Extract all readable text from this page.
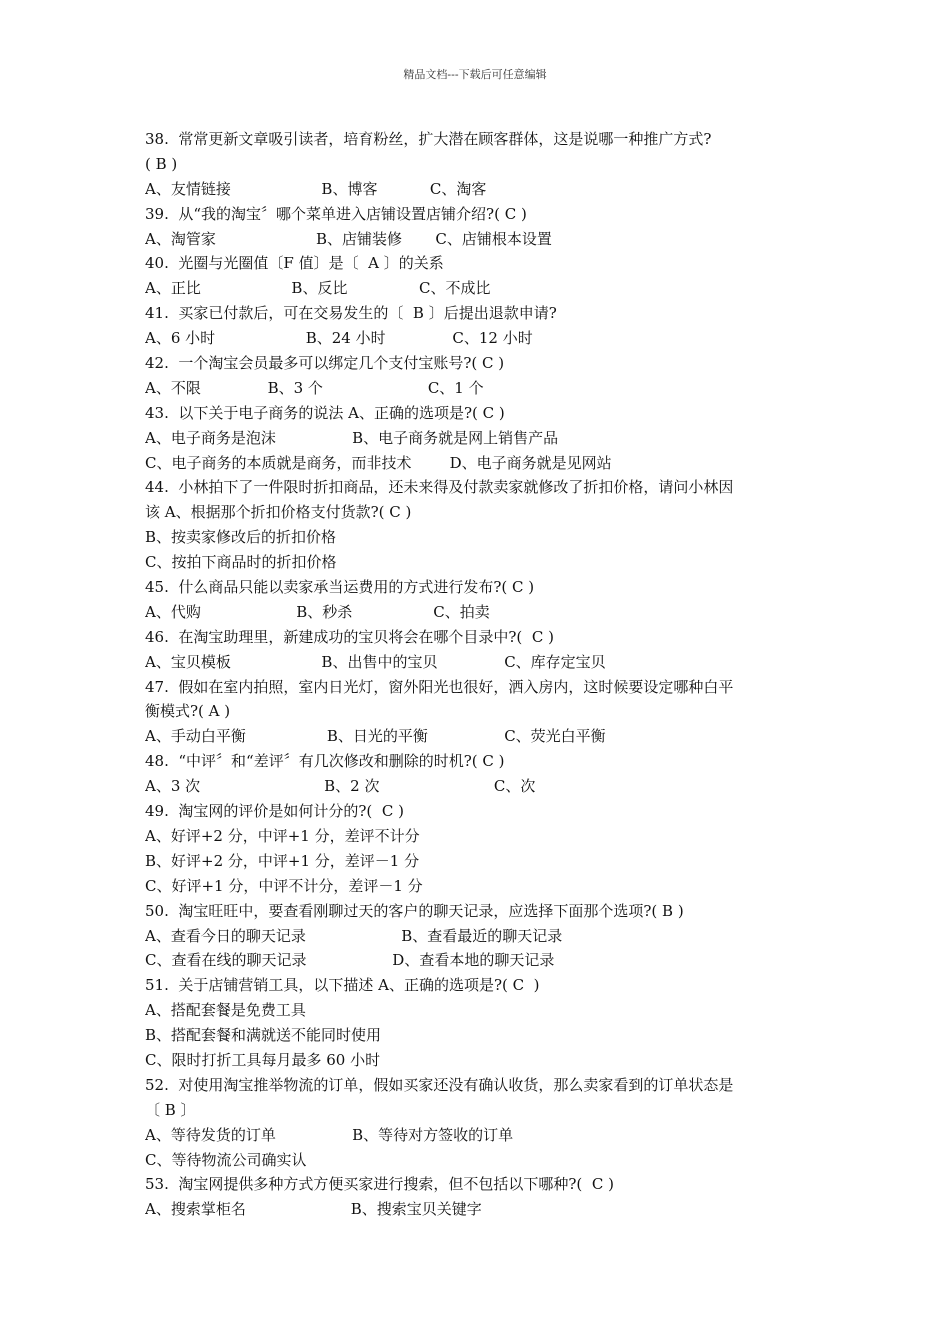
精品文档---下载后可任意编辑
38.  常常更新文章吸引读者，培育粉丝，扩大潜在顾客群体，这是说哪一种推广方式?
( B )
A、友情链接                   B、博客           C、淘客
39.  从“我的淘宝〞哪个菜单进入店铺设置店铺介绍?( C )
A、淘管家                     B、店铺装修       C、店铺根本设置
40.  光圈与光圈值〔F 值〕是〔  A 〕的关系
A、正比                   B、反比               C、不成比
41.  买家已付款后，可在交易发生的〔  B 〕后提出退款申请?
A、6 小时                   B、24 小时              C、12 小时
42.  一个淘宝会员最多可以绑定几个支付宝账号?( C )
A、不限              B、3 个                      C、1 个
43.  以下关于电子商务的说法 A、正确的选项是?( C )
A、电子商务是泡沫                B、电子商务就是网上销售产品
C、电子商务的本质就是商务，而非技术        D、电子商务就是见网站
44.  小林拍下了一件限时折扣商品，还未来得及付款卖家就修改了折扣价格，请问小林因
该 A、根据那个折扣价格支付货款?( C )
B、按卖家修改后的折扣价格
C、按拍下商品时的折扣价格
45.  什么商品只能以卖家承当运费用的方式进行发布?( C )
A、代购                    B、秒杀                 C、拍卖
46.  在淘宝助理里，新建成功的宝贝将会在哪个目录中?(  C )
A、宝贝模板                   B、出售中的宝贝              C、库存定宝贝
47.  假如在室内拍照，室内日光灯，窗外阳光也很好，洒入房内，这时候要设定哪种白平
衡模式?( A )
A、手动白平衡                 B、日光的平衡                C、荧光白平衡
48.  “中评〞和“差评〞有几次修改和删除的时机?( C )
A、3 次                          B、2 次                        C、次
49.  淘宝网的评价是如何计分的?(  C )
A、好评+2 分，中评+1 分，差评不计分
B、好评+2 分，中评+1 分，差评－1 分
C、好评+1 分，中评不计分，差评－1 分
50.  淘宝旺旺中，要查看刚聊过天的客户的聊天记录，应选择下面那个选项?( B )
A、查看今日的聊天记录                    B、查看最近的聊天记录
C、查看在线的聊天记录                  D、查看本地的聊天记录
51.  关于店铺营销工具，以下描述 A、正确的选项是?( C  )
A、搭配套餐是免费工具
B、搭配套餐和满就送不能同时使用
C、限时打折工具每月最多 60 小时
52.  对使用淘宝推举物流的订单，假如买家还没有确认收货，那么卖家看到的订单状态是
〔 B 〕
A、等待发货的订单                B、等待对方签收的订单
C、等待物流公司确实认
53.  淘宝网提供多种方式方便买家进行搜索，但不包括以下哪种?(  C )
A、搜索掌柜名                      B、搜索宝贝关键字
